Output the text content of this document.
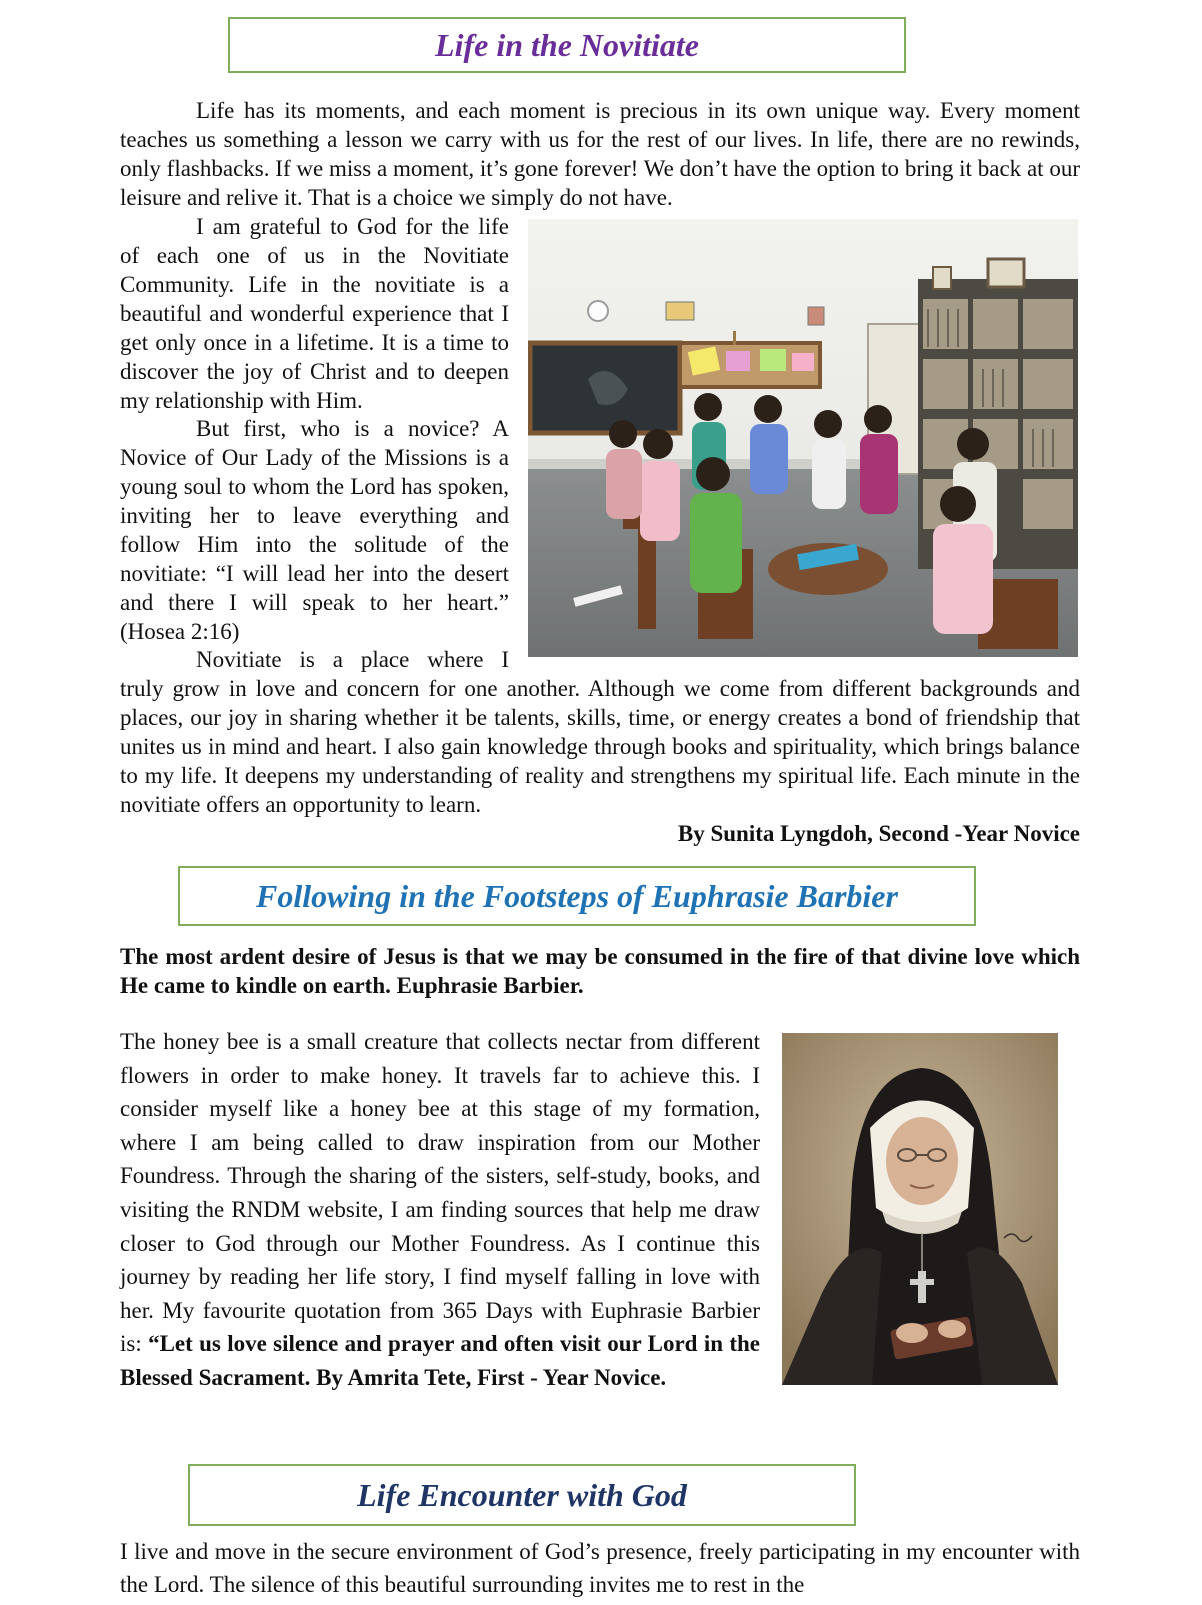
Life in the Novitiate

Life has its moments, and each moment is precious in its own unique way. Every moment teaches us something a lesson we carry with us for the rest of our lives. In life, there are no rewinds, only flashbacks. If we miss a moment, it’s gone forever! We don’t have the option to bring it back at our leisure and relive it. That is a choice we simply do not have.

I am grateful to God for the life of each one of us in the Novitiate Community. Life in the novitiate is a beautiful and wonderful experience that I get only once in a lifetime. It is a time to discover the joy of Christ and to deepen my relationship with Him.

But first, who is a novice? A Novice of Our Lady of the Missions is a young soul to whom the Lord has spoken, inviting her to leave everything and follow Him into the solitude of the novitiate: “I will lead her into the desert and there I will speak to her heart.” (Hosea 2:16)

Novitiate is a place where I

truly grow in love and concern for one another. Although we come from different backgrounds and places, our joy in sharing whether it be talents, skills, time, or energy creates a bond of friendship that unites us in mind and heart. I also gain knowledge through books and spirituality, which brings balance to my life. It deepens my understanding of reality and strengthens my spiritual life. Each minute in the novitiate offers an opportunity to learn.

By Sunita Lyngdoh, Second -Year Novice

Following in the Footsteps of Euphrasie Barbier

The most ardent desire of Jesus is that we may be consumed in the fire of that divine love which He came to kindle on earth. Euphrasie Barbier.

The honey bee is a small creature that collects nectar from different flowers in order to make honey. It travels far to achieve this. I consider myself like a honey bee at this stage of my formation, where I am being called to draw inspiration from our Mother Foundress. Through the sharing of the sisters, self-study, books, and visiting the RNDM website, I am finding sources that help me draw closer to God through our Mother Foundress. As I continue this journey by reading her life story, I find myself falling in love with her. My favourite quotation from 365 Days with Euphrasie Barbier is: “Let us love silence and prayer and often visit our Lord in the Blessed Sacrament. By Amrita Tete, First - Year Novice.

Life Encounter with God

I live and move in the secure environment of God’s presence, freely participating in my encounter with the Lord. The silence of this beautiful surrounding invites me to rest in the
